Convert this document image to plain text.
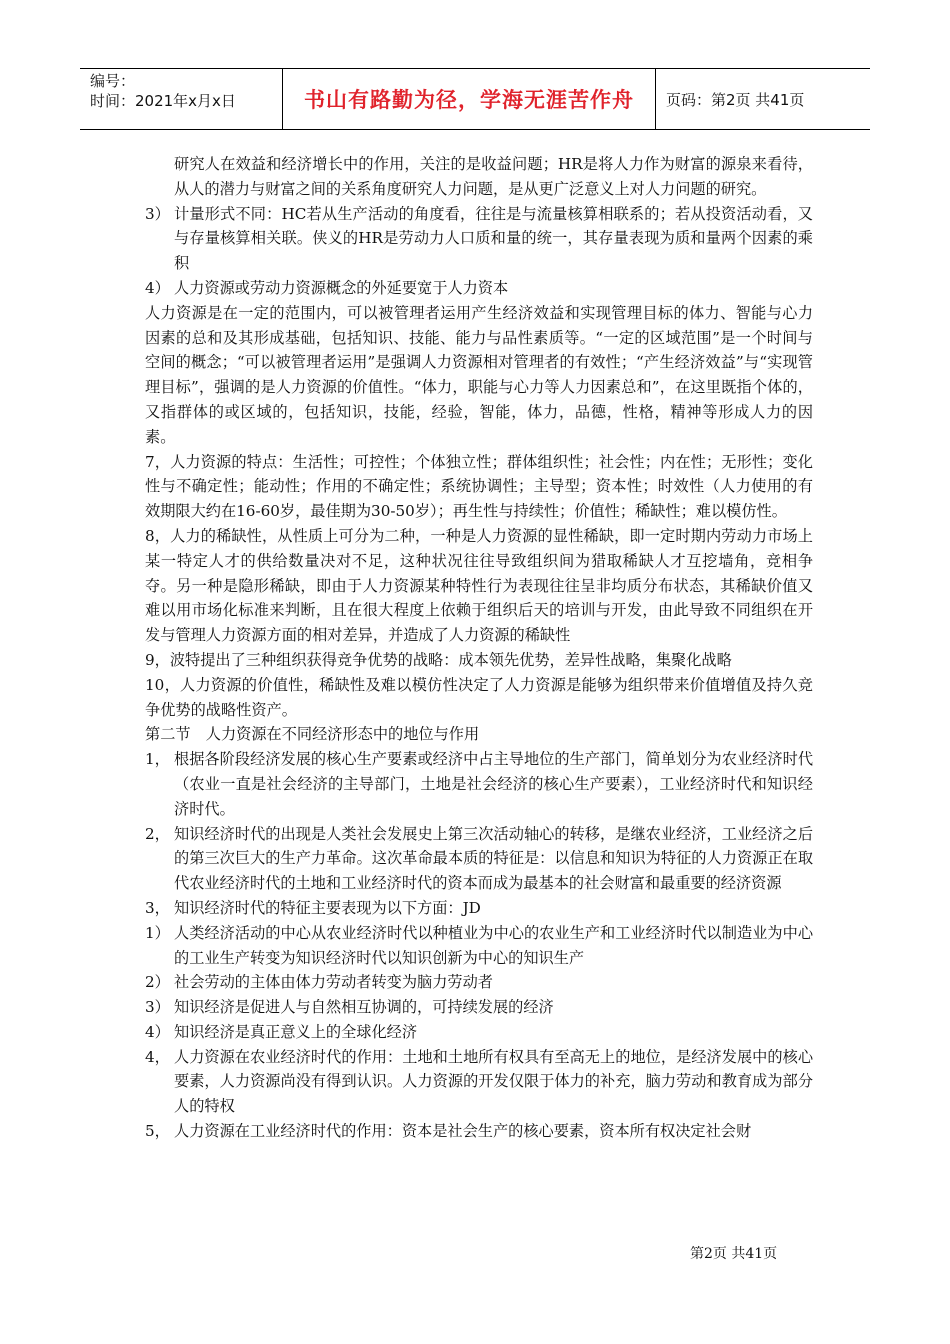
编号：
时间：2021年x月x日	书山有路勤为径，学海无涯苦作舟	页码：第2页 共41页

研究人在效益和经济增长中的作用，关注的是收益问题；HR是将人力作为财富的源泉来看待，从人的潜力与财富之间的关系角度研究人力问题，是从更广泛意义上对人力问题的研究。

3） 计量形式不同：HC若从生产活动的角度看，往往是与流量核算相联系的；若从投资活动看，又与存量核算相关联。侠义的HR是劳动力人口质和量的统一，其存量表现为质和量两个因素的乘积
4） 人力资源或劳动力资源概念的外延要宽于人力资本

人力资源是在一定的范围内，可以被管理者运用产生经济效益和实现管理目标的体力、智能与心力因素的总和及其形成基础，包括知识、技能、能力与品性素质等。“一定的区域范围”是一个时间与空间的概念；“可以被管理者运用”是强调人力资源相对管理者的有效性；“产生经济效益”与“实现管理目标”，强调的是人力资源的价值性。“体力，职能与心力等人力因素总和”，在这里既指个体的，又指群体的或区域的，包括知识，技能，经验，智能，体力，品德，性格，精神等形成人力的因素。

7，人力资源的特点：生活性；可控性；个体独立性；群体组织性；社会性；内在性；无形性；变化性与不确定性；能动性；作用的不确定性；系统协调性；主导型；资本性；时效性（人力使用的有效期限大约在16-60岁，最佳期为30-50岁）；再生性与持续性；价值性；稀缺性；难以模仿性。

8，人力的稀缺性，从性质上可分为二种，一种是人力资源的显性稀缺，即一定时期内劳动力市场上某一特定人才的供给数量决对不足，这种状况往往导致组织间为猎取稀缺人才互挖墙角，竞相争夺。另一种是隐形稀缺，即由于人力资源某种特性行为表现往往呈非均质分布状态，其稀缺价值又难以用市场化标准来判断，且在很大程度上依赖于组织后天的培训与开发，由此导致不同组织在开发与管理人力资源方面的相对差异，并造成了人力资源的稀缺性

9，波特提出了三种组织获得竞争优势的战略：成本领先优势，差异性战略，集聚化战略

10，人力资源的价值性，稀缺性及难以模仿性决定了人力资源是能够为组织带来价值增值及持久竞争优势的战略性资产。

第二节　人力资源在不同经济形态中的地位与作用

1， 根据各阶段经济发展的核心生产要素或经济中占主导地位的生产部门，简单划分为农业经济时代（农业一直是社会经济的主导部门，土地是社会经济的核心生产要素），工业经济时代和知识经济时代。
2， 知识经济时代的出现是人类社会发展史上第三次活动轴心的转移，是继农业经济，工业经济之后的第三次巨大的生产力革命。这次革命最本质的特征是：以信息和知识为特征的人力资源正在取代农业经济时代的土地和工业经济时代的资本而成为最基本的社会财富和最重要的经济资源
3， 知识经济时代的特征主要表现为以下方面：JD
1） 人类经济活动的中心从农业经济时代以种植业为中心的农业生产和工业经济时代以制造业为中心的工业生产转变为知识经济时代以知识创新为中心的知识生产
2） 社会劳动的主体由体力劳动者转变为脑力劳动者
3） 知识经济是促进人与自然相互协调的，可持续发展的经济
4） 知识经济是真正意义上的全球化经济
4， 人力资源在农业经济时代的作用：土地和土地所有权具有至高无上的地位，是经济发展中的核心要素，人力资源尚没有得到认识。人力资源的开发仅限于体力的补充，脑力劳动和教育成为部分人的特权
5， 人力资源在工业经济时代的作用：资本是社会生产的核心要素，资本所有权决定社会财
第2页 共41页
